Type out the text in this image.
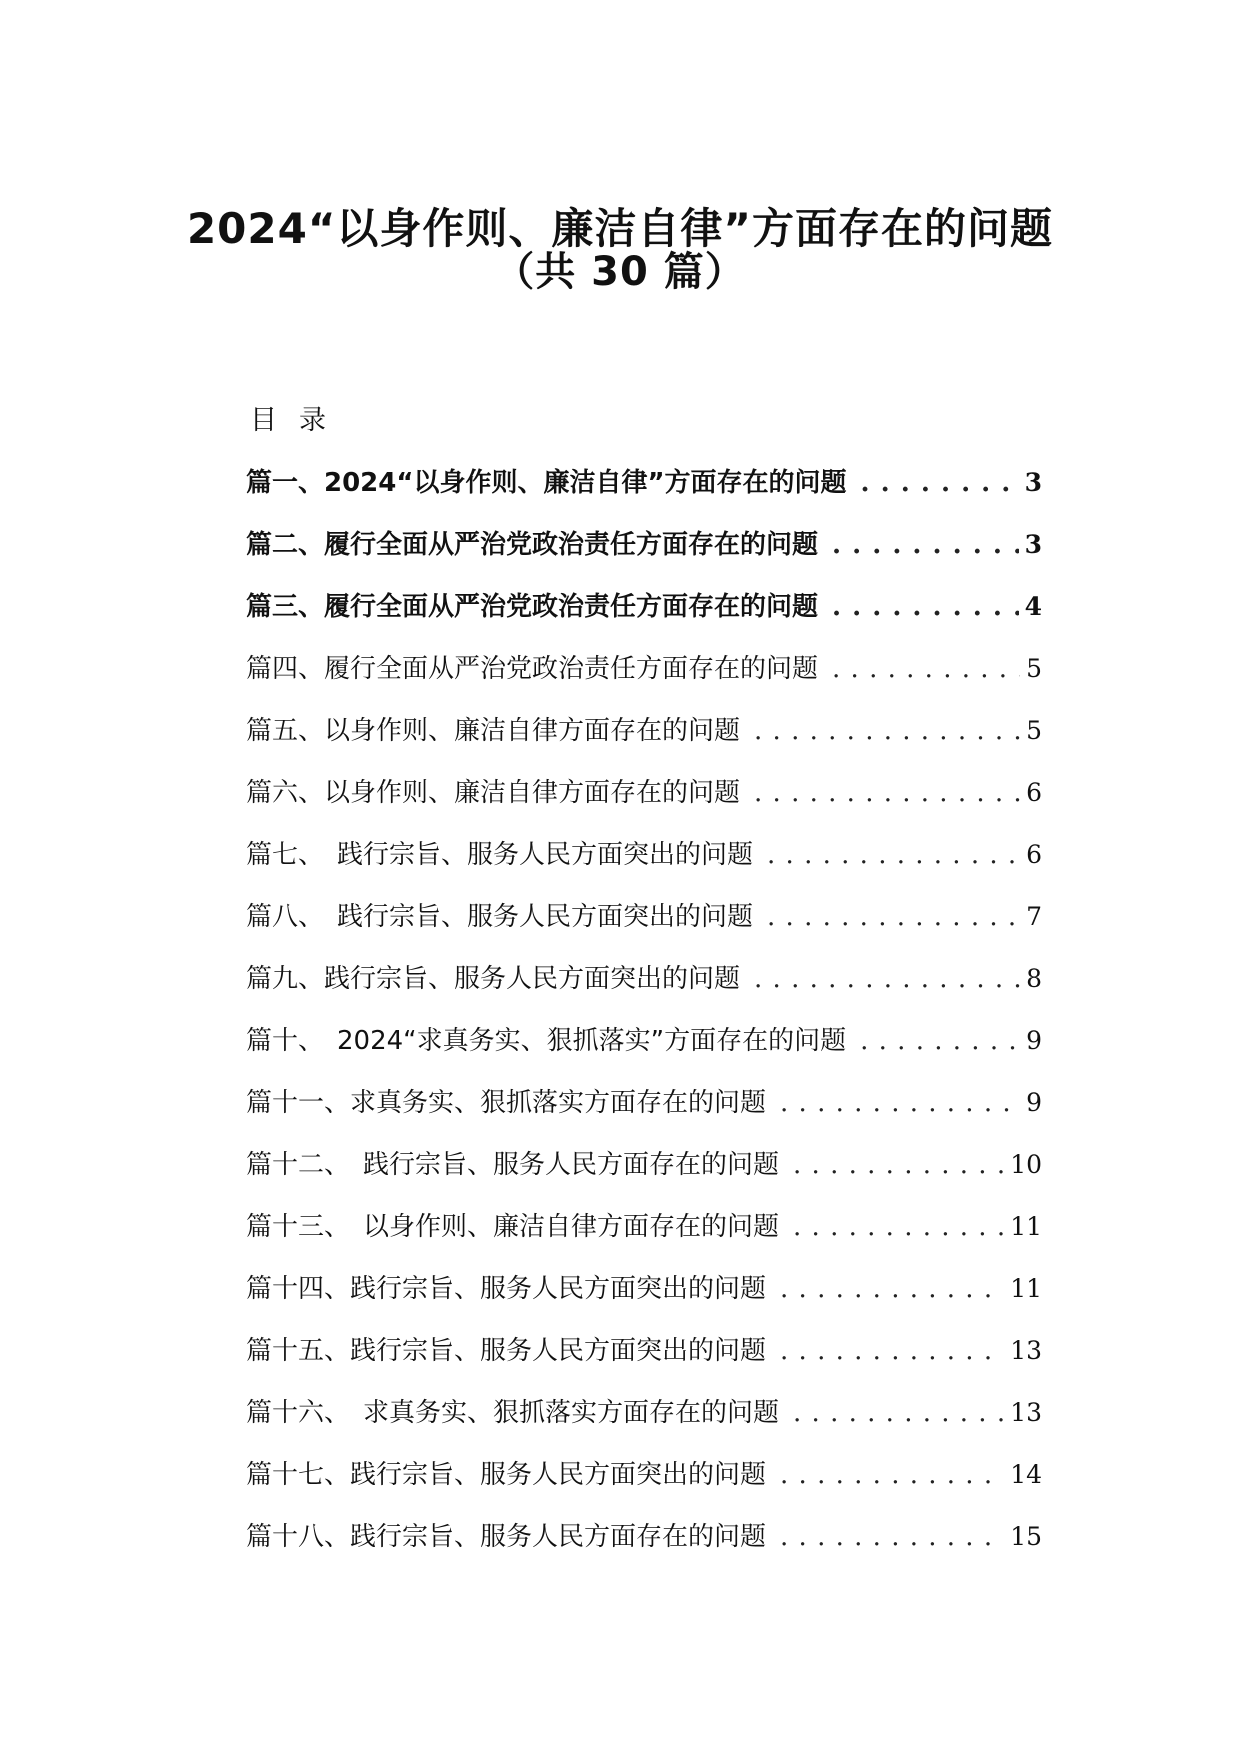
2024“以身作则、廉洁自律”方面存在的问题
（共 30 篇）
目录
篇一、2024“以身作则、廉洁自律”方面存在的问题 . . .	3
篇二、履行全面从严治党政治责任方面存在的问题 . . .	3
篇三、履行全面从严治党政治责任方面存在的问题 . . .	4
篇四、履行全面从严治党政治责任方面存在的问题 . . .	5
篇五、以身作则、廉洁自律方面存在的问题 . . .	5
篇六、以身作则、廉洁自律方面存在的问题 . . .	6
篇七、　践行宗旨、服务人民方面突出的问题 . . .	6
篇八、　践行宗旨、服务人民方面突出的问题 . . .	7
篇九、践行宗旨、服务人民方面突出的问题 . . .	8
篇十、　2024“求真务实、狠抓落实”方面存在的问题 . . .	9
篇十一、求真务实、狠抓落实方面存在的问题 . . .	9
篇十二、　践行宗旨、服务人民方面存在的问题 . . .	10
篇十三、　以身作则、廉洁自律方面存在的问题 . . .	11
篇十四、践行宗旨、服务人民方面突出的问题 . . .	11
篇十五、践行宗旨、服务人民方面突出的问题 . . .	13
篇十六、　求真务实、狠抓落实方面存在的问题 . . .	13
篇十七、践行宗旨、服务人民方面突出的问题 . . .	14
篇十八、践行宗旨、服务人民方面存在的问题 . . .	15
